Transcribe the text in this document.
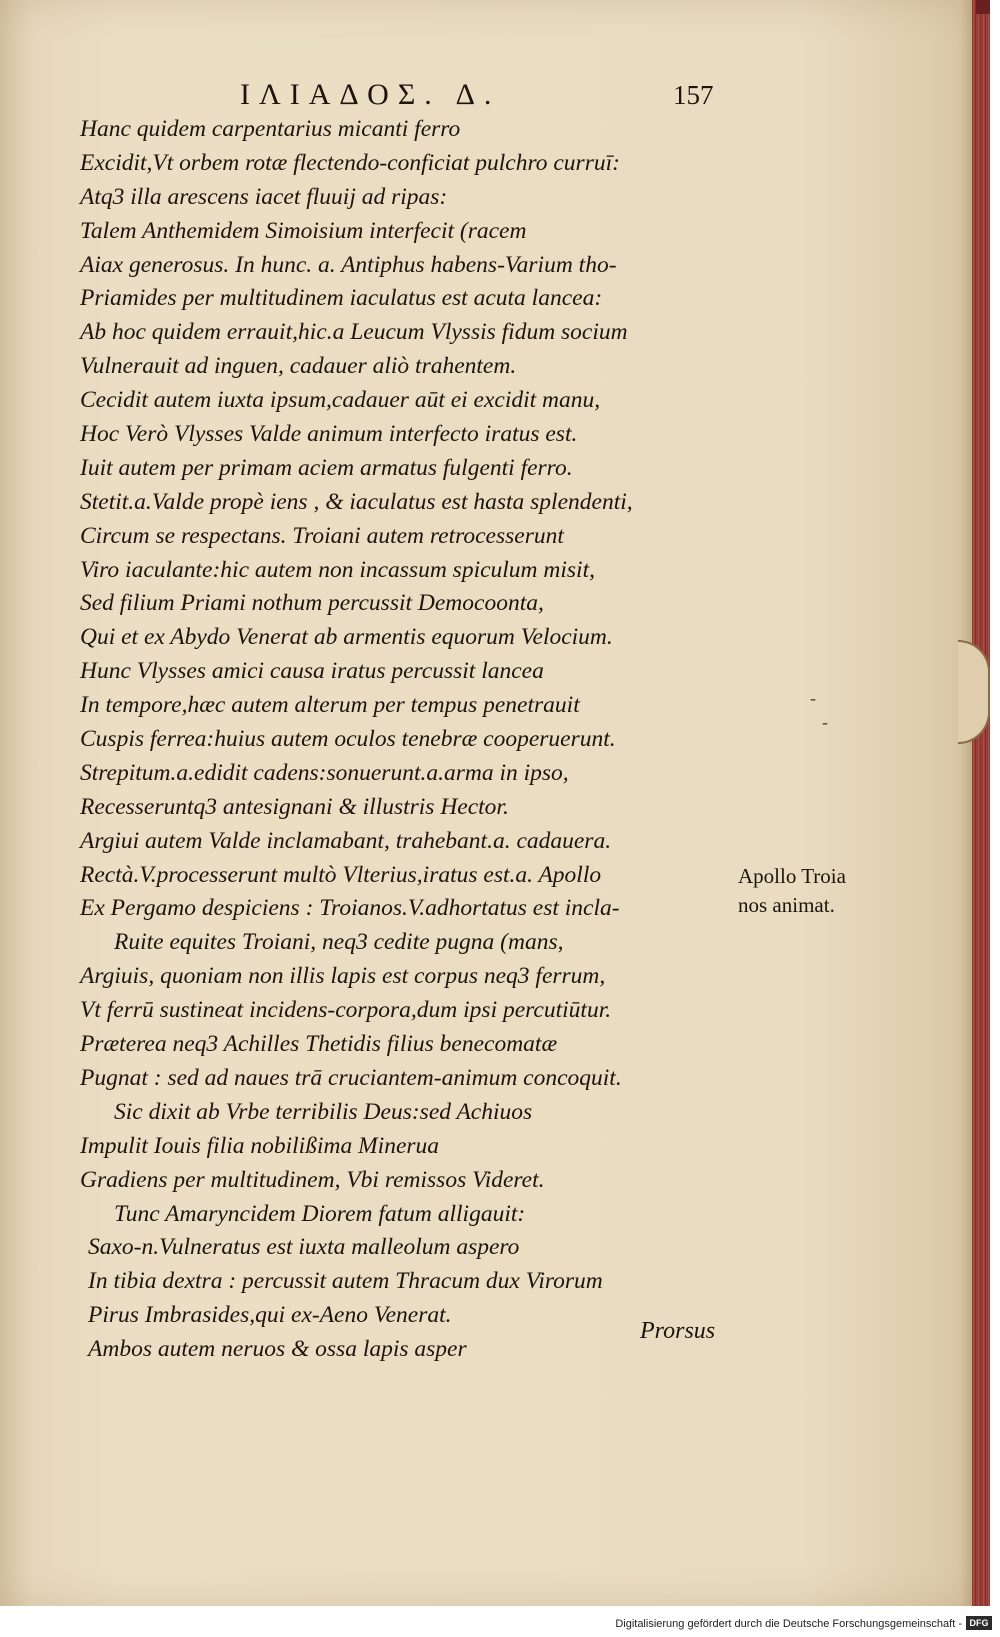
ΙΛΙΑΔΟΣ. Δ.	157
Hanc quidem carpentarius micanti ferro
Excidit,Vt orbem rotæ flectendo-conficiat pulchro curruī:
Atq3 illa arescens iacet fluuij ad ripas:
Talem Anthemidem Simoisium interfecit (racem
Aiax generosus. In hunc. a. Antiphus habens-Varium tho-
Priamides per multitudinem iaculatus est acuta lancea:
Ab hoc quidem errauit,hic.a Leucum Vlyssis fidum socium
Vulnerauit ad inguen, cadauer aliò trahentem.
Cecidit autem iuxta ipsum,cadauer aūt ei excidit manu,
Hoc Verò Vlysses Valde animum interfecto iratus est.
Iuit autem per primam aciem armatus fulgenti ferro.
Stetit.a.Valde propè iens , & iaculatus est hasta splendenti,
Circum se respectans. Troiani autem retrocesserunt
Viro iaculante:hic autem non incassum spiculum misit,
Sed filium Priami nothum percussit Democoonta,
Qui et ex Abydo Venerat ab armentis equorum Velocium.
Hunc Vlysses amici causa iratus percussit lancea
In tempore,hæc autem alterum per tempus penetrauit
Cuspis ferrea:huius autem oculos tenebræ cooperuerunt.
Strepitum.a.edidit cadens:sonuerunt.a.arma in ipso,
Recesseruntq3 antesignani & illustris Hector.
Argiui autem Valde inclamabant, trahebant.a. cadauera.
Rectà.V.processerunt multò Vlterius,iratus est.a. Apollo
Ex Pergamo despiciens : Troianos.V.adhortatus est incla-
Ruite equites Troiani, neq3 cedite pugna (mans,
Argiuis, quoniam non illis lapis est corpus neq3 ferrum,
Vt ferrū sustineat incidens-corpora,dum ipsi percutiūtur.
Præterea neq3 Achilles Thetidis filius benecomatæ
Pugnat : sed ad naues trā cruciantem-animum concoquit.
Sic dixit ab Vrbe terribilis Deus:sed Achiuos
Impulit Iouis filia nobilißima Minerua
Gradiens per multitudinem, Vbi remissos Videret.
Tunc Amaryncidem Diorem fatum alligauit:
Saxo-n.Vulneratus est iuxta malleolum aspero
In tibia dextra : percussit autem Thracum dux Virorum
Pirus Imbrasides,qui ex-Aeno Venerat.
Ambos autem neruos & ossa lapis asper
Prorsus
Apollo Troia
nos animat.
-
-
Digitalisierung gefördert durch die Deutsche Forschungsgemeinschaft - DFG
